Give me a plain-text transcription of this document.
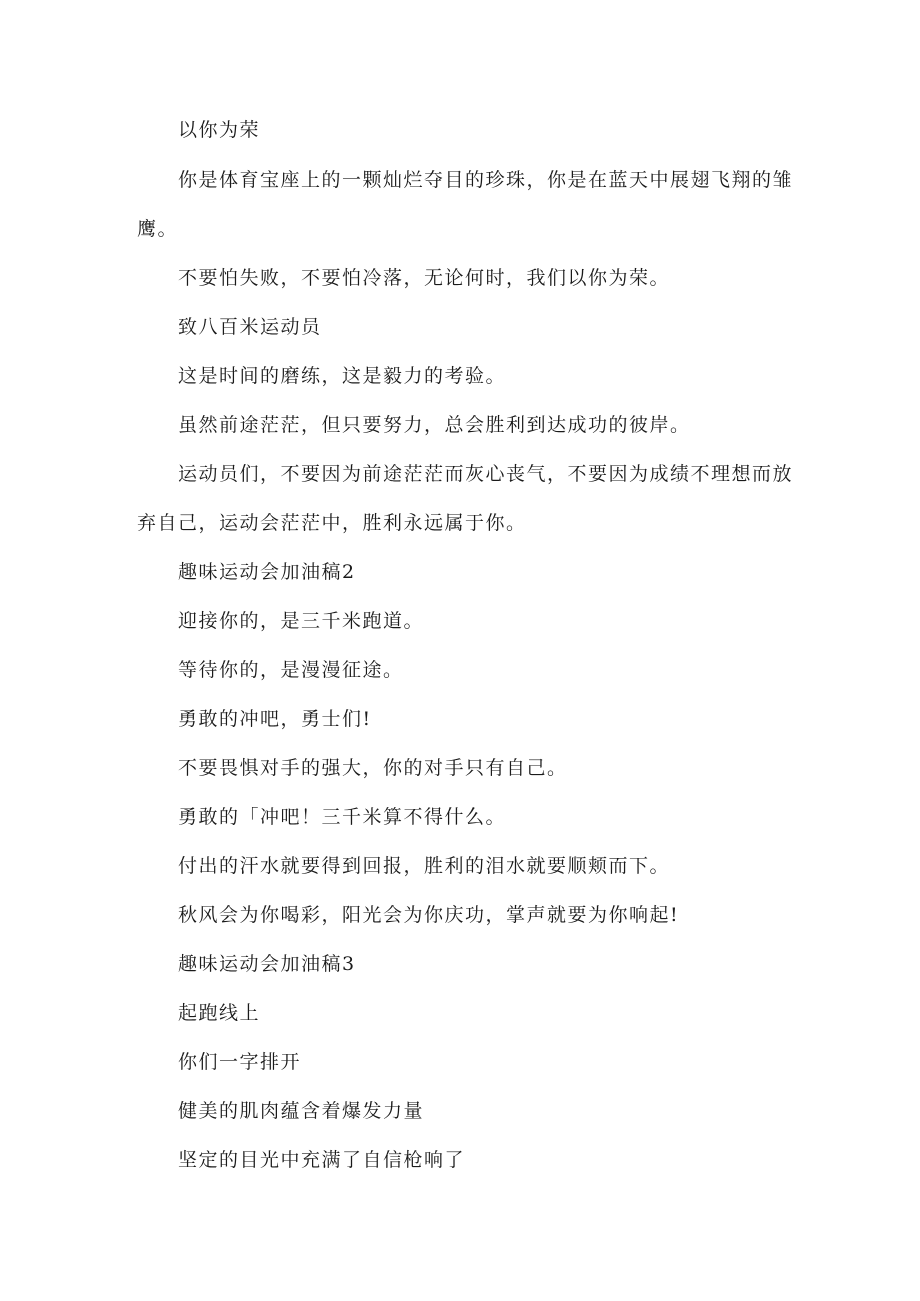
以你为荣

你是体育宝座上的一颗灿烂夺目的珍珠，你是在蓝天中展翅飞翔的雏

鹰。

不要怕失败，不要怕冷落，无论何时，我们以你为荣。

致八百米运动员

这是时间的磨练，这是毅力的考验。

虽然前途茫茫，但只要努力，总会胜利到达成功的彼岸。

运动员们，不要因为前途茫茫而灰心丧气，不要因为成绩不理想而放

弃自己，运动会茫茫中，胜利永远属于你。

趣味运动会加油稿2

迎接你的，是三千米跑道。

等待你的，是漫漫征途。

勇敢的冲吧，勇士们!

不要畏惧对手的强大，你的对手只有自己。

勇敢的「冲吧！三千米算不得什么。

付出的汗水就要得到回报，胜利的泪水就要顺颊而下。

秋风会为你喝彩，阳光会为你庆功，掌声就要为你响起!

趣味运动会加油稿3

起跑线上

你们一字排开

健美的肌肉蕴含着爆发力量

坚定的目光中充满了自信枪响了
